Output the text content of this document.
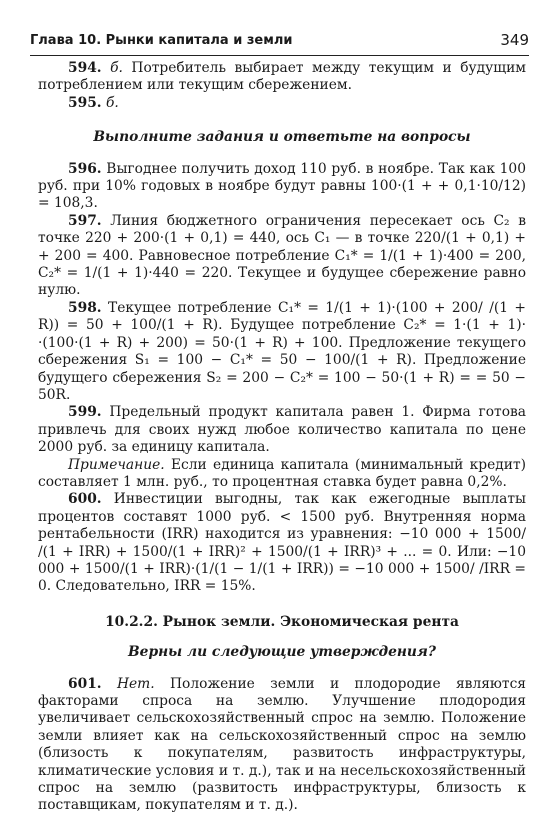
Глава 10. Рынки капитала и земли	349

594. б. Потребитель выбирает между текущим и будущим потреблением или текущим сбережением.

595. б.

Выполните задания и ответьте на вопросы

596. Выгоднее получить доход 110 руб. в ноябре. Так как 100 руб. при 10% годовых в ноябре будут равны 100·(1 + + 0,1·10/12) = 108,3.

597. Линия бюджетного ограничения пересекает ось C₂ в точке 220 + 200·(1 + 0,1) = 440, ось C₁ — в точке 220/(1 + 0,1) + + 200 = 400. Равновесное потребление C₁* = 1/(1 + 1)·400 = 200, C₂* = 1/(1 + 1)·440 = 220. Текущее и будущее сбережение равно нулю.

598. Текущее потребление C₁* = 1/(1 + 1)·(100 + 200/ /(1 + R)) = 50 + 100/(1 + R). Будущее потребление C₂* = 1·(1 + 1)· ·(100·(1 + R) + 200) = 50·(1 + R) + 100. Предложение текущего сбережения S₁ = 100 − C₁* = 50 − 100/(1 + R). Предложение будущего сбережения S₂ = 200 − C₂* = 100 − 50·(1 + R) = = 50 − 50R.

599. Предельный продукт капитала равен 1. Фирма готова привлечь для своих нужд любое количество капитала по цене 2000 руб. за единицу капитала.

Примечание. Если единица капитала (минимальный кредит) составляет 1 млн. руб., то процентная ставка будет равна 0,2%.

600. Инвестиции выгодны, так как ежегодные выплаты процентов составят 1000 руб. < 1500 руб. Внутренняя норма рентабельности (IRR) находится из уравнения: −10 000 + 1500/ /(1 + IRR) + 1500/(1 + IRR)² + 1500/(1 + IRR)³ + ... = 0. Или: −10 000 + 1500/(1 + IRR)·(1/(1 − 1/(1 + IRR)) = −10 000 + 1500/ /IRR = 0. Следовательно, IRR = 15%.

10.2.2. Рынок земли. Экономическая рента
Верны ли следующие утверждения?

601. Нет. Положение земли и плодородие являются факторами спроса на землю. Улучшение плодородия увеличивает сельскохозяйственный спрос на землю. Положение земли влияет как на сельскохозяйственный спрос на землю (близость к покупателям, развитость инфраструктуры, климатические условия и т. д.), так и на несельскохозяйственный спрос на землю (развитость инфраструктуры, близость к поставщикам, покупателям и т. д.).
